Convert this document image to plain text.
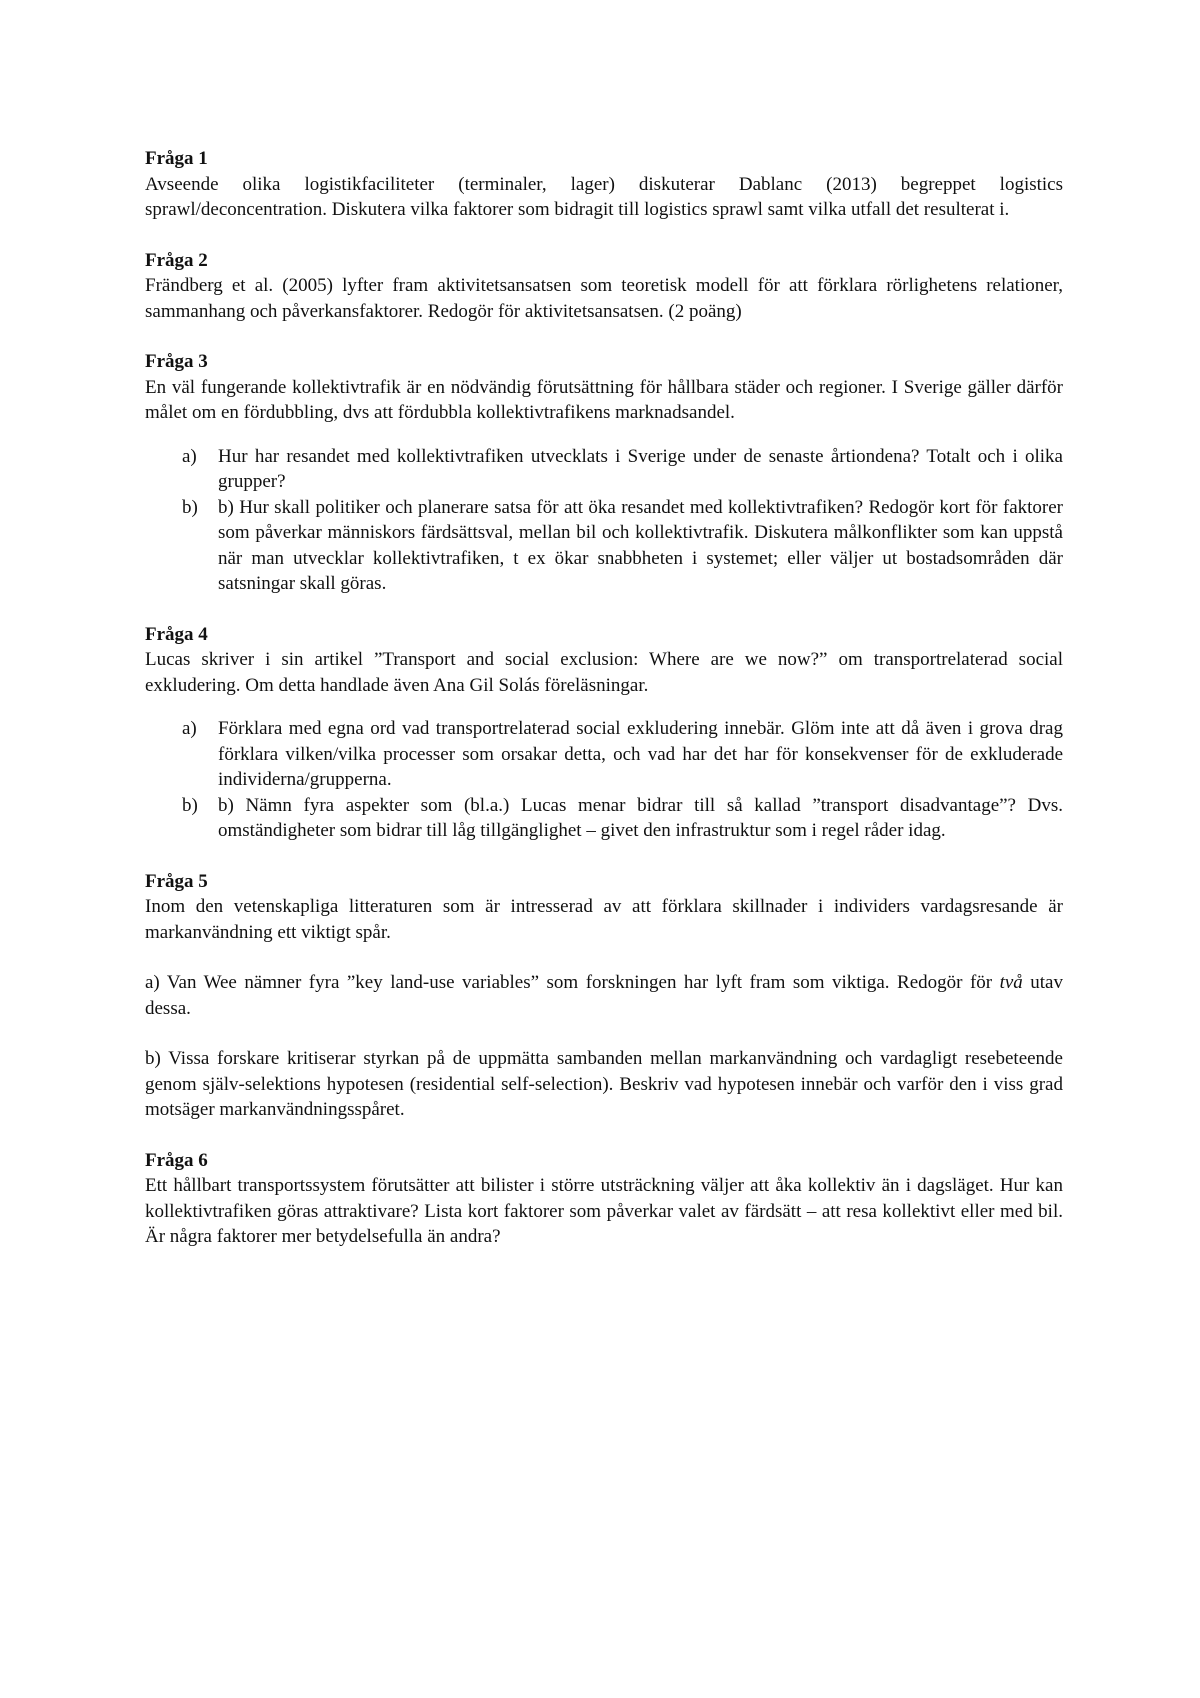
Fråga 1

Avseende olika logistikfaciliteter (terminaler, lager) diskuterar Dablanc (2013) begreppet logistics sprawl/deconcentration. Diskutera vilka faktorer som bidragit till logistics sprawl samt vilka utfall det resulterat i.

Fråga 2

Frändberg et al. (2005) lyfter fram aktivitetsansatsen som teoretisk modell för att förklara rörlighetens relationer, sammanhang och påverkansfaktorer. Redogör för aktivitetsansatsen. (2 poäng)

Fråga 3

En väl fungerande kollektivtrafik är en nödvändig förutsättning för hållbara städer och regioner. I Sverige gäller därför målet om en fördubbling, dvs att fördubbla kollektivtrafikens marknadsandel.

a) Hur har resandet med kollektivtrafiken utvecklats i Sverige under de senaste årtiondena? Totalt och i olika grupper?
b) b) Hur skall politiker och planerare satsa för att öka resandet med kollektivtrafiken? Redogör kort för faktorer som påverkar människors färdsättsval, mellan bil och kollektivtrafik. Diskutera målkonflikter som kan uppstå när man utvecklar kollektivtrafiken, t ex ökar snabbheten i systemet; eller väljer ut bostadsområden där satsningar skall göras.

Fråga 4

Lucas skriver i sin artikel ”Transport and social exclusion: Where are we now?” om transportrelaterad social exkludering. Om detta handlade även Ana Gil Solás föreläsningar.

a) Förklara med egna ord vad transportrelaterad social exkludering innebär. Glöm inte att då även i grova drag förklara vilken/vilka processer som orsakar detta, och vad har det har för konsekvenser för de exkluderade individerna/grupperna.
b) b) Nämn fyra aspekter som (bl.a.) Lucas menar bidrar till så kallad ”transport disadvantage”? Dvs. omständigheter som bidrar till låg tillgänglighet – givet den infrastruktur som i regel råder idag.

Fråga 5

Inom den vetenskapliga litteraturen som är intresserad av att förklara skillnader i individers vardagsresande är markanvändning ett viktigt spår.

a) Van Wee nämner fyra ”key land-use variables” som forskningen har lyft fram som viktiga. Redogör för två utav dessa.

b) Vissa forskare kritiserar styrkan på de uppmätta sambanden mellan markanvändning och vardagligt resebeteende genom själv-selektions hypotesen (residential self-selection). Beskriv vad hypotesen innebär och varför den i viss grad motsäger markanvändningsspåret.

Fråga 6

Ett hållbart transportssystem förutsätter att bilister i större utsträckning väljer att åka kollektiv än i dagsläget. Hur kan kollektivtrafiken göras attraktivare? Lista kort faktorer som påverkar valet av färdsätt – att resa kollektivt eller med bil. Är några faktorer mer betydelsefulla än andra?
